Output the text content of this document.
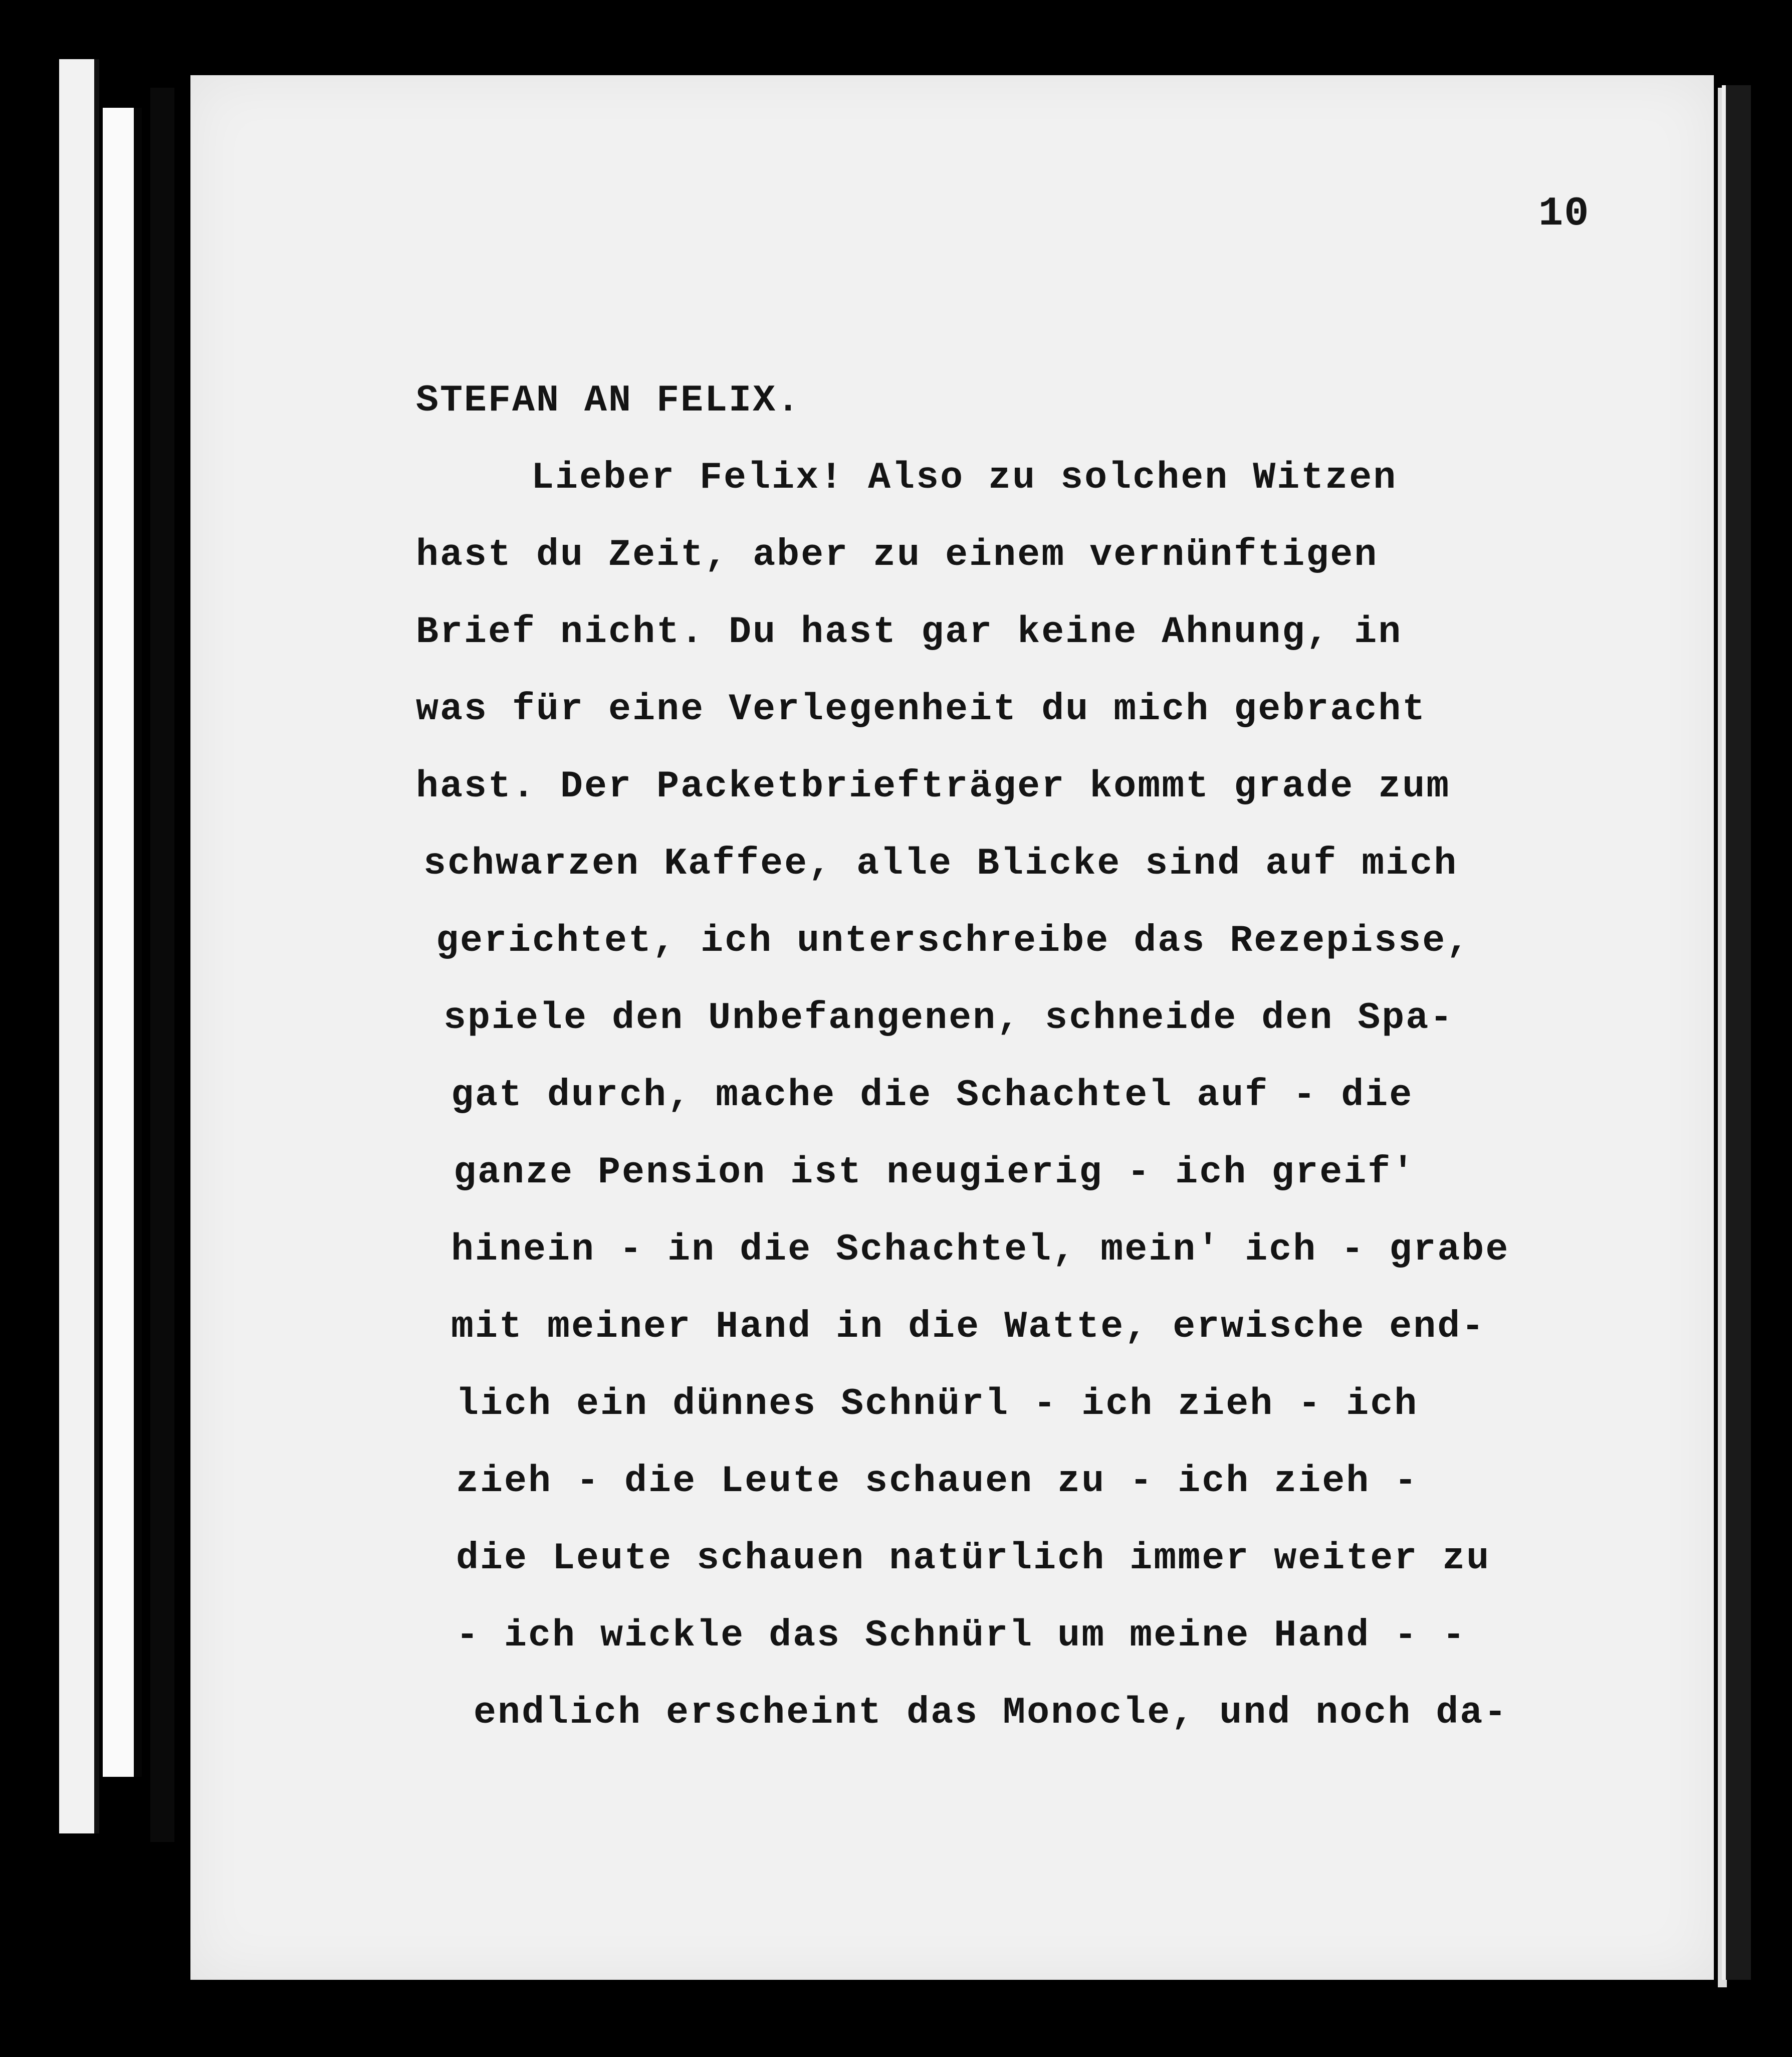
10
STEFAN AN FELIX.
Lieber Felix! Also zu solchen Witzen
hast du Zeit, aber zu einem vernünftigen
Brief nicht. Du hast gar keine Ahnung, in
was für eine Verlegenheit du mich gebracht
hast. Der Packetbriefträger kommt grade zum
schwarzen Kaffee, alle Blicke sind auf mich
gerichtet, ich unterschreibe das Rezepisse,
spiele den Unbefangenen, schneide den Spa-
gat durch, mache die Schachtel auf - die
ganze Pension ist neugierig - ich greif'
hinein - in die Schachtel, mein' ich - grabe
mit meiner Hand in die Watte, erwische end-
lich ein dünnes Schnürl - ich zieh - ich
zieh - die Leute schauen zu - ich zieh -
die Leute schauen natürlich immer weiter zu
- ich wickle das Schnürl um meine Hand - -
endlich erscheint das Monocle, und noch da-
